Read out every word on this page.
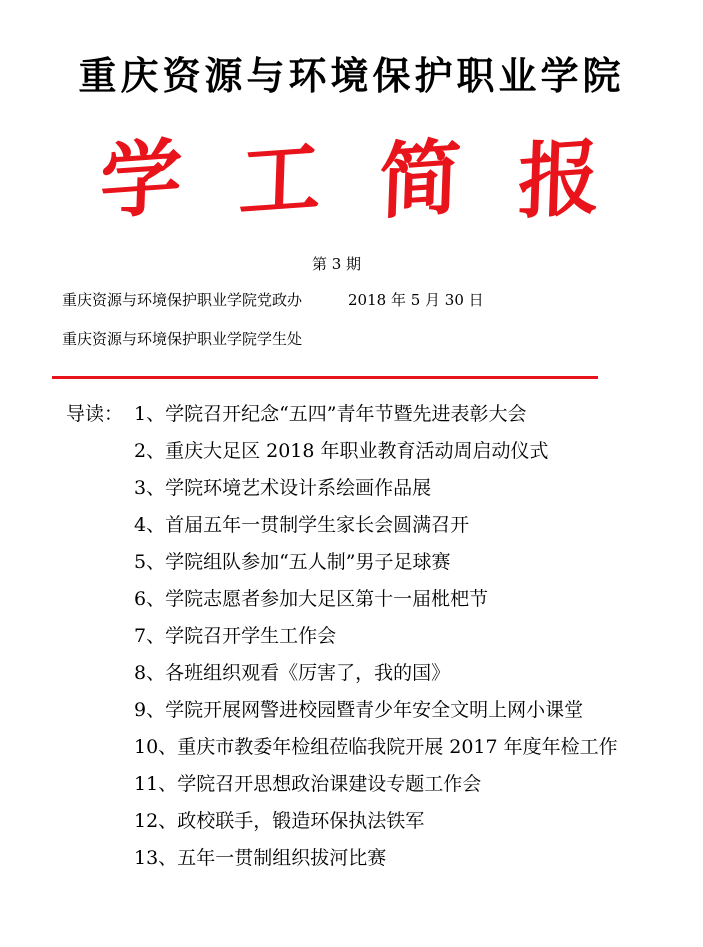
重庆资源与环境保护职业学院
学 工 简 报
第 3 期
重庆资源与环境保护职业学院党政办	2018 年 5 月 30 日
重庆资源与环境保护职业学院学生处
导读： 1、学院召开纪念“五四”青年节暨先进表彰大会
2、重庆大足区 2018 年职业教育活动周启动仪式
3、学院环境艺术设计系绘画作品展
4、首届五年一贯制学生家长会圆满召开
5、学院组队参加“五人制”男子足球赛
6、学院志愿者参加大足区第十一届枇杷节
7、学院召开学生工作会
8、各班组织观看《厉害了，我的国》
9、学院开展网警进校园暨青少年安全文明上网小课堂
10、重庆市教委年检组莅临我院开展 2017 年度年检工作
11、学院召开思想政治课建设专题工作会
12、政校联手，锻造环保执法铁军
13、五年一贯制组织拔河比赛
